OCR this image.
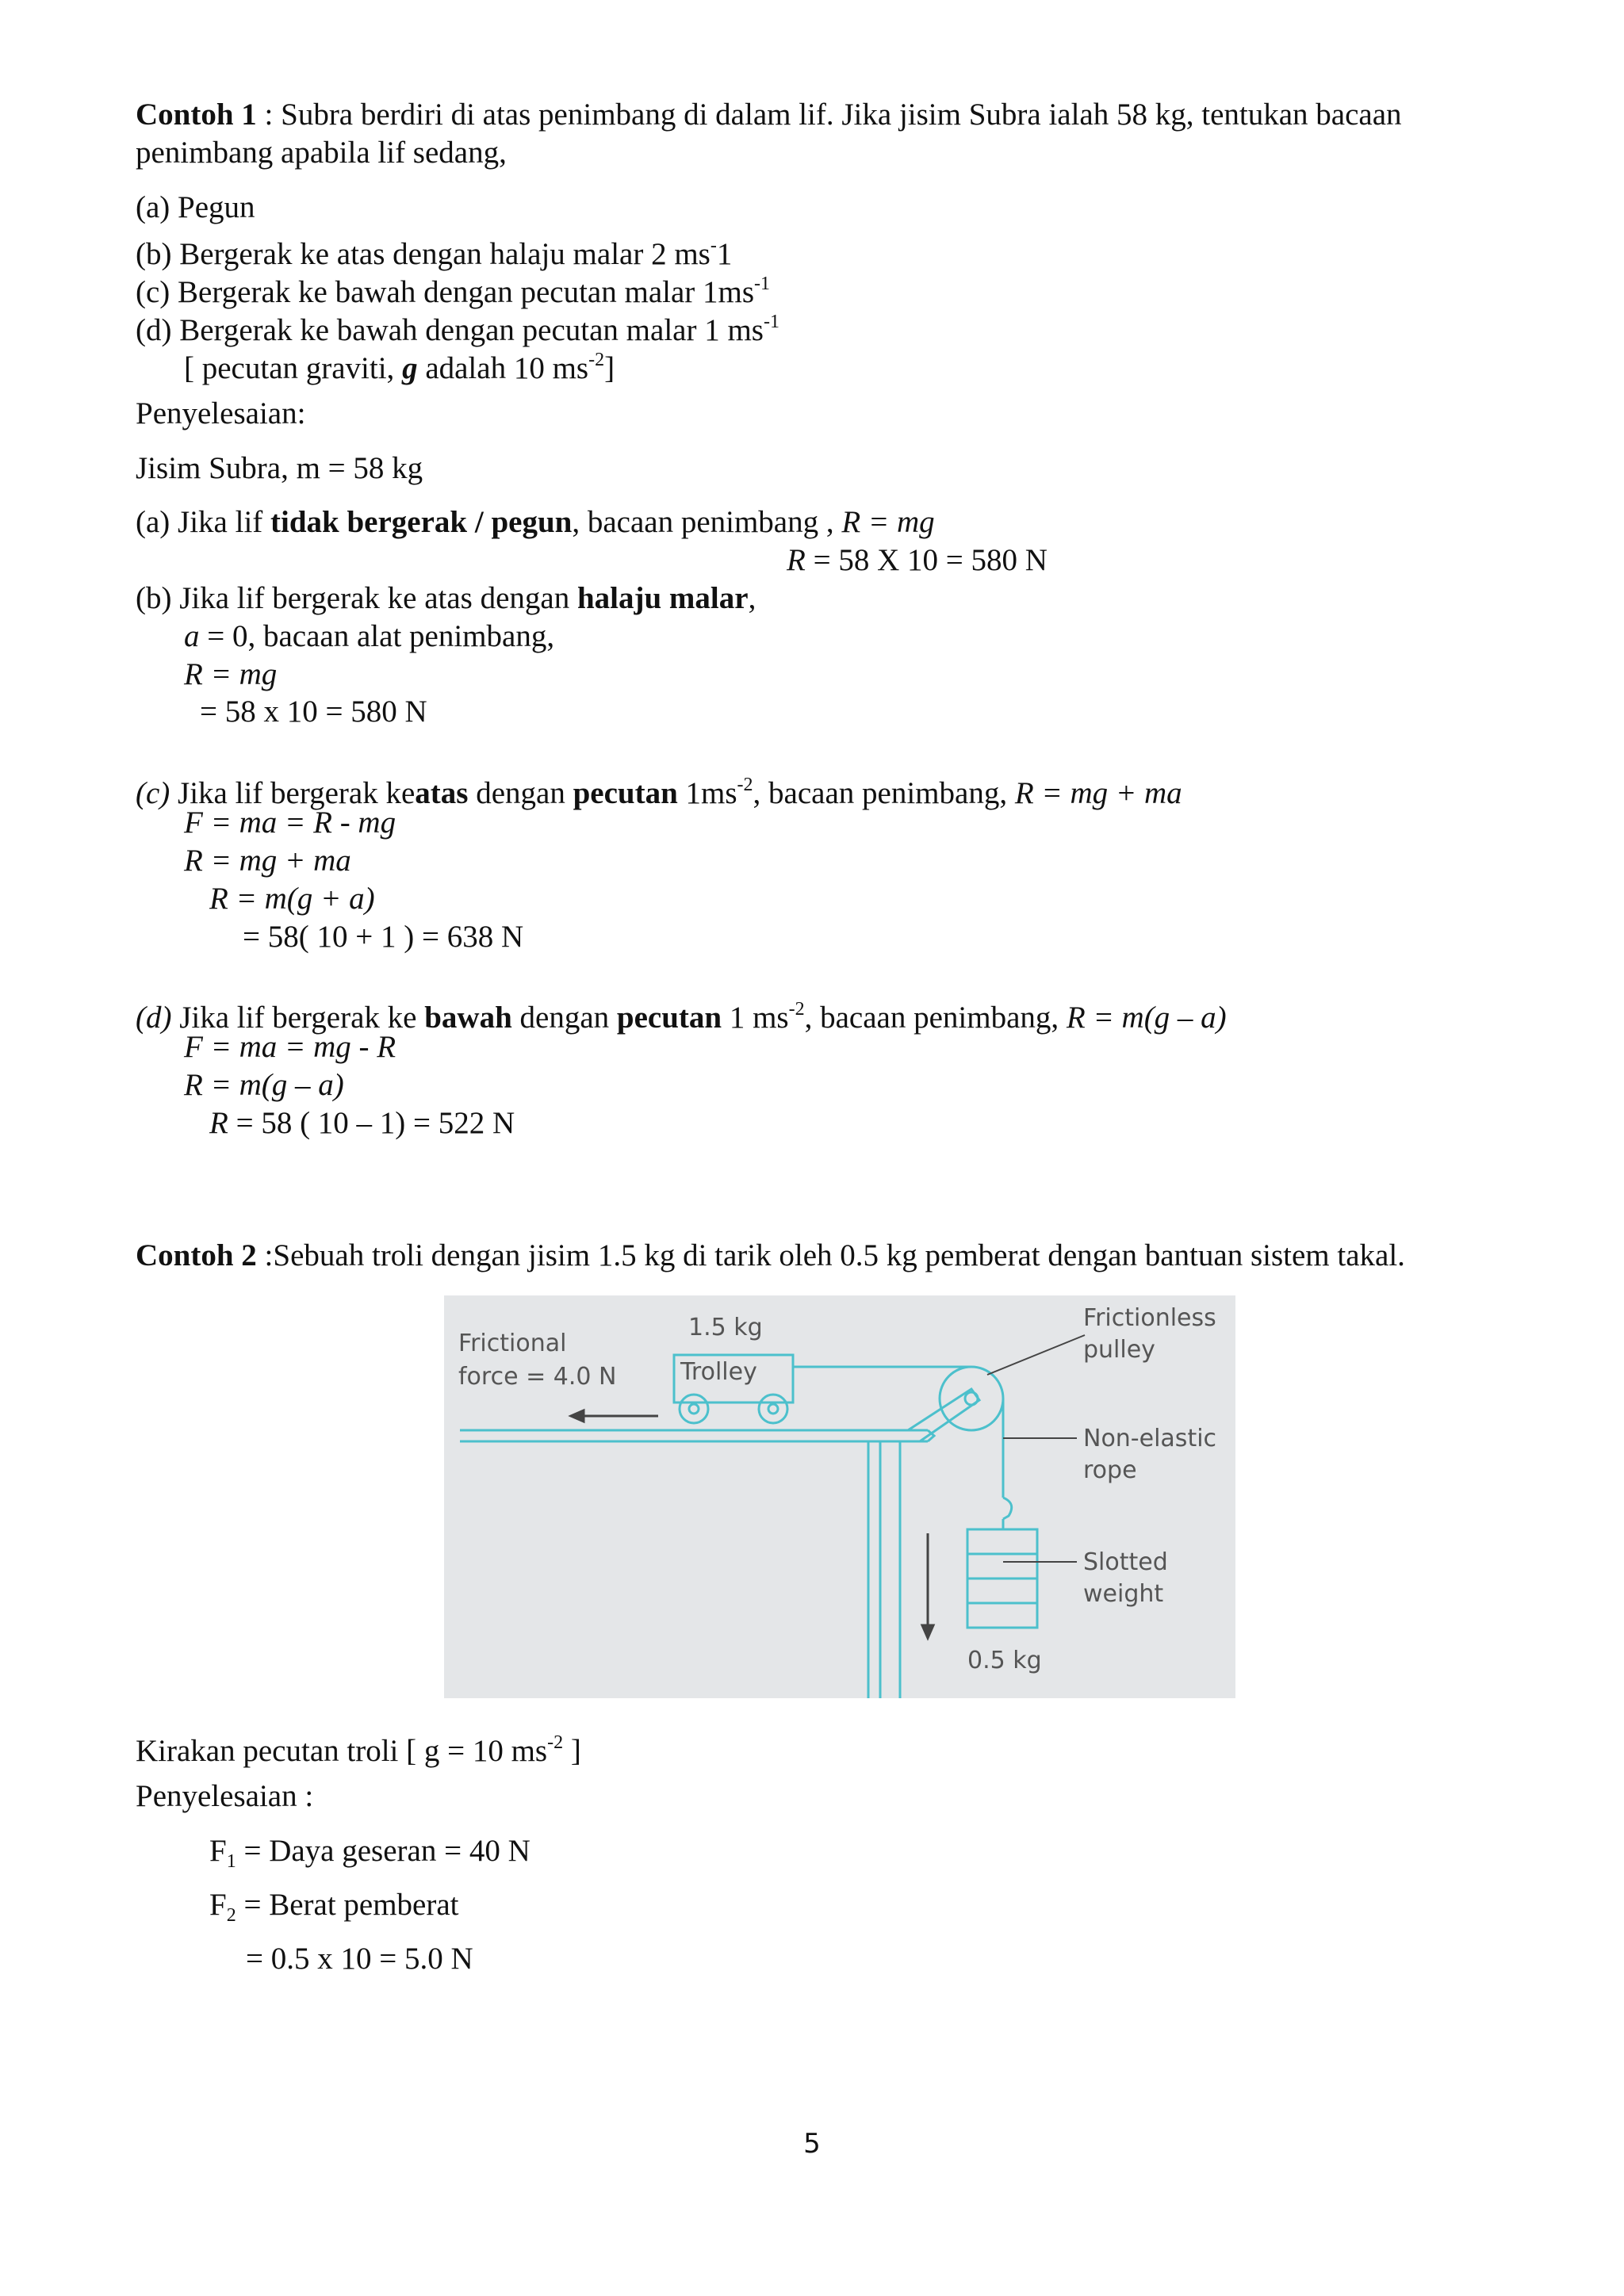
Contoh 1 : Subra berdiri di atas penimbang di dalam lif. Jika jisim Subra ialah 58 kg, tentukan bacaan
penimbang apabila lif sedang,
(a) Pegun
(b) Bergerak ke atas dengan halaju malar 2 ms-1
(c) Bergerak ke bawah dengan pecutan malar $1ms^{-1}$
(d) Bergerak ke bawah dengan pecutan malar 1 $ms^{-1}$
[ pecutan graviti, g adalah 10 $ms^{-2}$]
Penyelesaian:
Jisim Subra, m = 58 kg
(a) Jika lif tidak bergerak / pegun, bacaan penimbang , R = mg
R = 58 X 10 = 580 N
(b) Jika lif bergerak ke atas dengan halaju malar,
a = 0, bacaan alat penimbang,
R = mg
= 58 x 10 = 580 N
(c) Jika lif bergerak keatas dengan pecutan $1ms^{-2}$, bacaan penimbang, R = mg + ma
F = ma = R - mg
R = mg + ma
R = m(g + a)
= 58( 10 + 1 ) = 638 N
(d) Jika lif bergerak ke bawah dengan pecutan 1 $ms^{-2}$, bacaan penimbang, R = m(g – a)
F = ma = mg - R
R = m(g – a)
R = 58 ( 10 – 1) = 522 N
Contoh 2 :Sebuah troli dengan jisim 1.5 kg di tarik oleh 0.5 kg pemberat dengan bantuan sistem takal.
Frictional
force = 4.0 N
1.5 kg
Trolley
Frictionless
pulley
Non-elastic
rope
Slotted
weight
0.5 kg
Kirakan pecutan troli [ g = 10 $ms^{-2}$ ]
Penyelesaian :
$F_1$ = Daya geseran = 40 N
$F_2$ = Berat pemberat
= 0.5 x 10 = 5.0 N
5
